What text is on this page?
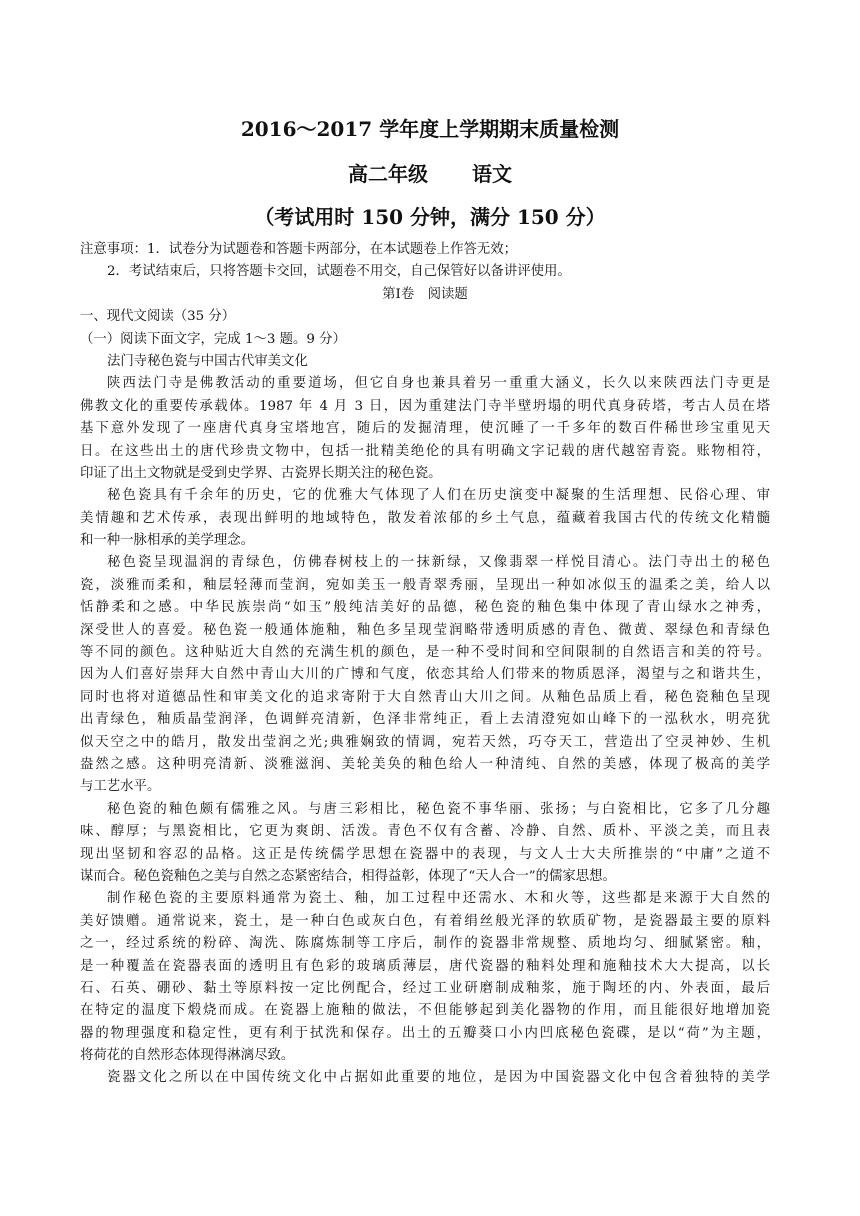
2016～2017 学年度上学期期末质量检测
高二年级 语文
（考试用时 150 分钟，满分 150 分）
注意事项：1．试卷分为试题卷和答题卡两部分，在本试题卷上作答无效；
2．考试结束后，只将答题卡交回，试题卷不用交，自己保管好以备讲评使用。
第Ⅰ卷　阅读题
一、现代文阅读（35 分）
（一）阅读下面文字，完成 1～3 题。9 分）
法门寺秘色瓷与中国古代审美文化
陕西法门寺是佛教活动的重要道场，但它自身也兼具着另一重重大涵义，长久以来陕西法门寺更是
佛教文化的重要传承载体。1987 年 4 月 3 日，因为重建法门寺半壁坍塌的明代真身砖塔，考古人员在塔
基下意外发现了一座唐代真身宝塔地宫，随后的发掘清理，使沉睡了一千多年的数百件稀世珍宝重见天
日。在这些出土的唐代珍贵文物中，包括一批精美绝伦的具有明确文字记载的唐代越窑青瓷。账物相符，
印证了出土文物就是受到史学界、古瓷界长期关注的秘色瓷。
秘色瓷具有千余年的历史，它的优雅大气体现了人们在历史演变中凝聚的生活理想、民俗心理、审
美情趣和艺术传承，表现出鲜明的地域特色，散发着浓郁的乡土气息，蕴藏着我国古代的传统文化精髓
和一种一脉相承的美学理念。
秘色瓷呈现温润的青绿色，仿佛春树枝上的一抹新绿，又像翡翠一样悦目清心。法门寺出土的秘色
瓷，淡雅而柔和，釉层轻薄而莹润，宛如美玉一般青翠秀丽，呈现出一种如冰似玉的温柔之美，给人以
恬静柔和之感。中华民族崇尚“如玉”般纯洁美好的品德，秘色瓷的釉色集中体现了青山绿水之神秀，
深受世人的喜爱。秘色瓷一般通体施釉，釉色多呈现莹润略带透明质感的青色、微黄、翠绿色和青绿色
等不同的颜色。这种贴近大自然的充满生机的颜色，是一种不受时间和空间限制的自然语言和美的符号。
因为人们喜好崇拜大自然中青山大川的广博和气度，依恋其给人们带来的物质恩泽，渴望与之和谐共生，
同时也将对道德品性和审美文化的追求寄附于大自然青山大川之间。从釉色品质上看，秘色瓷釉色呈现
出青绿色，釉质晶莹润泽，色调鲜亮清新，色泽非常纯正，看上去清澄宛如山峰下的一泓秋水，明亮犹
似天空之中的皓月，散发出莹润之光;典雅娴致的情调，宛若天然，巧夺天工，营造出了空灵神妙、生机
盎然之感。这种明亮清新、淡雅滋润、美轮美奂的釉色给人一种清纯、自然的美感，体现了极高的美学
与工艺水平。
秘色瓷的釉色颇有儒雅之风。与唐三彩相比，秘色瓷不事华丽、张扬；与白瓷相比，它多了几分趣
味、醇厚；与黑瓷相比，它更为爽朗、活泼。青色不仅有含蓄、冷静、自然、质朴、平淡之美，而且表
现出坚韧和容忍的品格。这正是传统儒学思想在瓷器中的表现，与文人士大夫所推崇的“中庸”之道不
谋而合。秘色瓷釉色之美与自然之态紧密结合，相得益彰，体现了“天人合一”的儒家思想。
制作秘色瓷的主要原料通常为瓷土、釉，加工过程中还需水、木和火等，这些都是来源于大自然的
美好馈赠。通常说来，瓷土，是一种白色或灰白色，有着绢丝般光泽的软质矿物，是瓷器最主要的原料
之一，经过系统的粉碎、淘洗、陈腐炼制等工序后，制作的瓷器非常规整、质地均匀、细腻紧密。釉，
是一种覆盖在瓷器表面的透明且有色彩的玻璃质薄层，唐代瓷器的釉料处理和施釉技术大大提高，以长
石、石英、硼砂、黏土等原料按一定比例配合，经过工业研磨制成釉浆，施于陶坯的内、外表面，最后
在特定的温度下煅烧而成。在瓷器上施釉的做法，不但能够起到美化器物的作用，而且能很好地增加瓷
器的物理强度和稳定性，更有利于拭洗和保存。出土的五瓣葵口小内凹底秘色瓷碟，是以“荷”为主题，
将荷花的自然形态体现得淋漓尽致。
瓷器文化之所以在中国传统文化中占据如此重要的地位，是因为中国瓷器文化中包含着独特的美学
